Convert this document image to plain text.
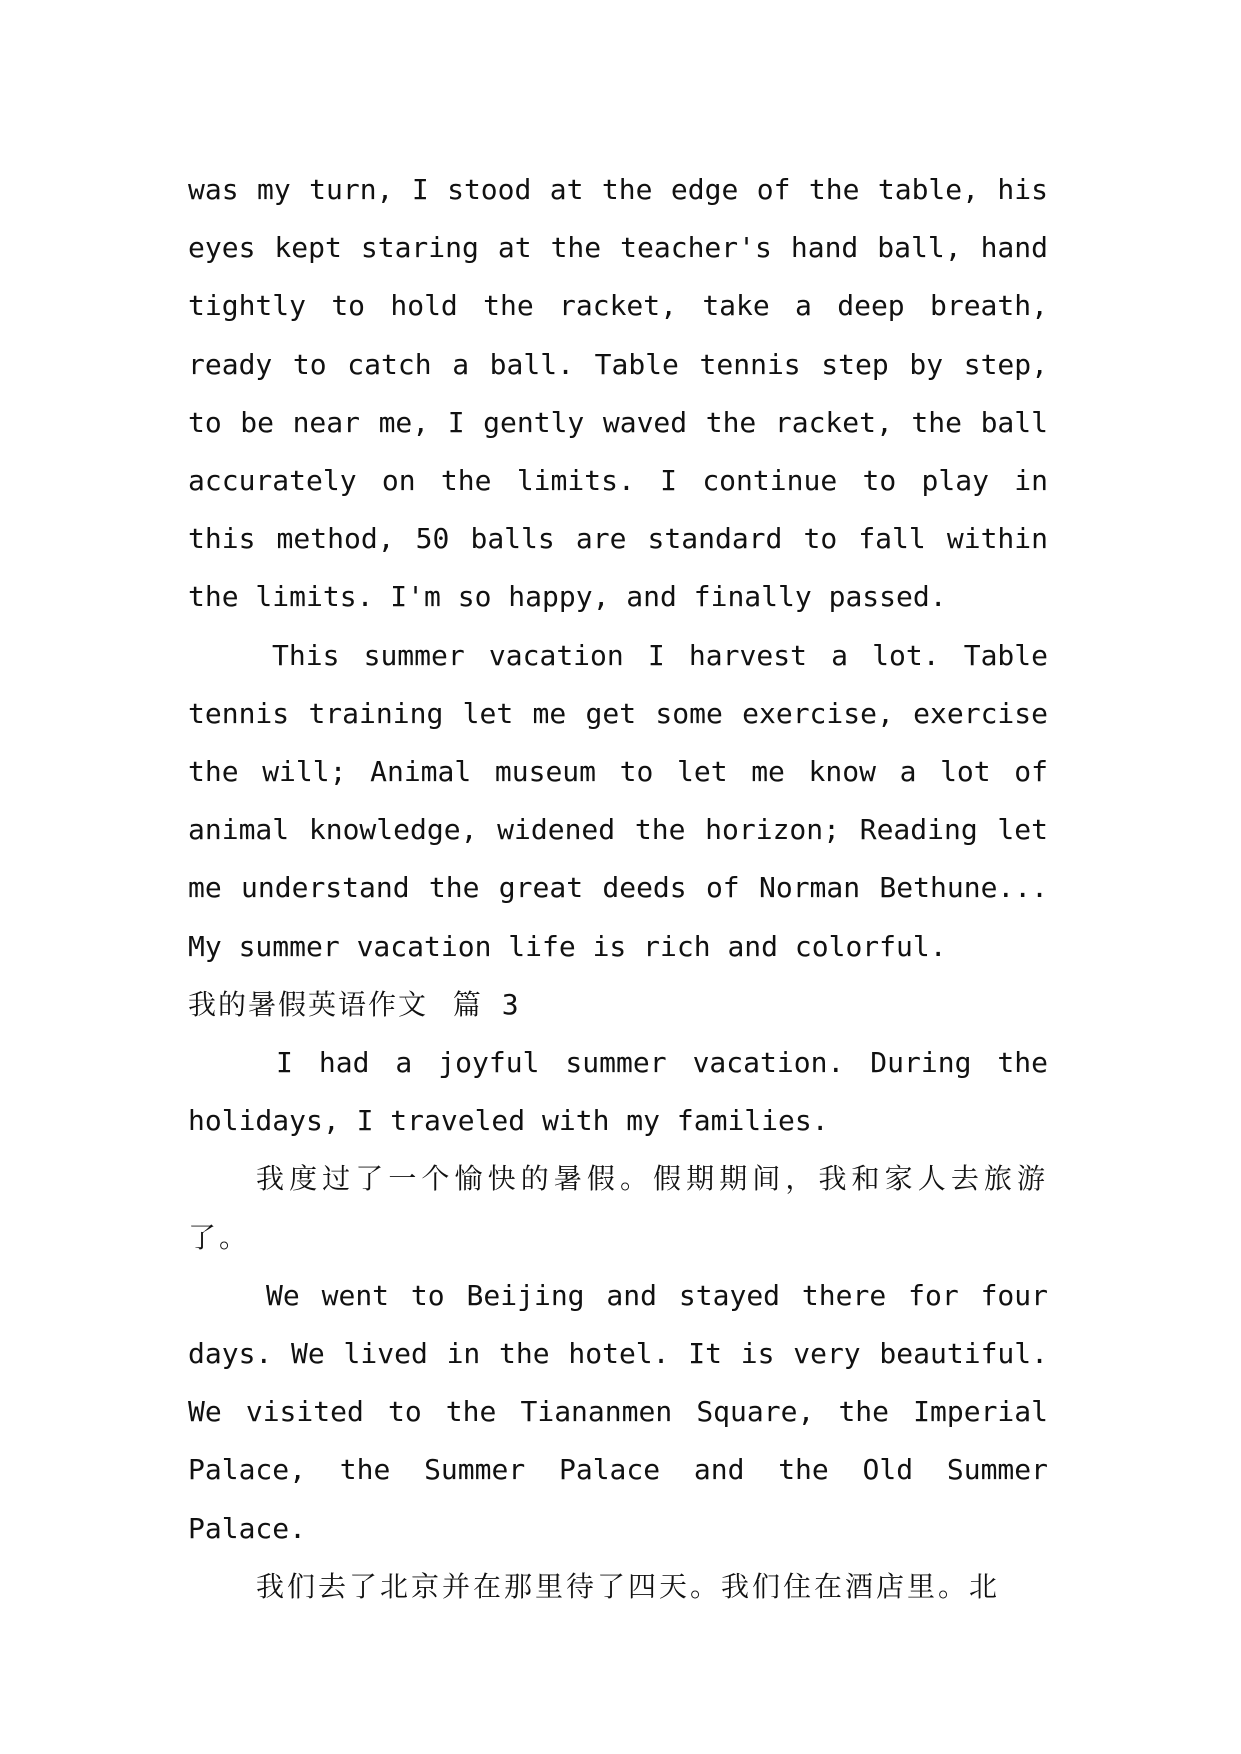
was my turn, I stood at the edge of the table, his eyes kept staring at the teacher's hand ball, hand tightly to hold the racket, take a deep breath, ready to catch a ball. Table tennis step by step, to be near me, I gently waved the racket, the ball accurately on the limits. I continue to play in this method, 50 balls are standard to fall within the limits. I'm so happy, and finally passed.

This summer vacation I harvest a lot. Table tennis training let me get some exercise, exercise the will; Animal museum to let me know a lot of animal knowledge, widened the horizon; Reading let me understand the great deeds of Norman Bethune... My summer vacation life is rich and colorful.

我的暑假英语作文 篇 3

I had a joyful summer vacation. During the holidays, I traveled with my families.

我度过了一个愉快的暑假。假期期间，我和家人去旅游了。

We went to Beijing and stayed there for four days. We lived in the hotel. It is very beautiful. We visited to the Tiananmen Square, the Imperial Palace, the Summer Palace and the Old Summer Palace.

我们去了北京并在那里待了四天。我们住在酒店里。北
